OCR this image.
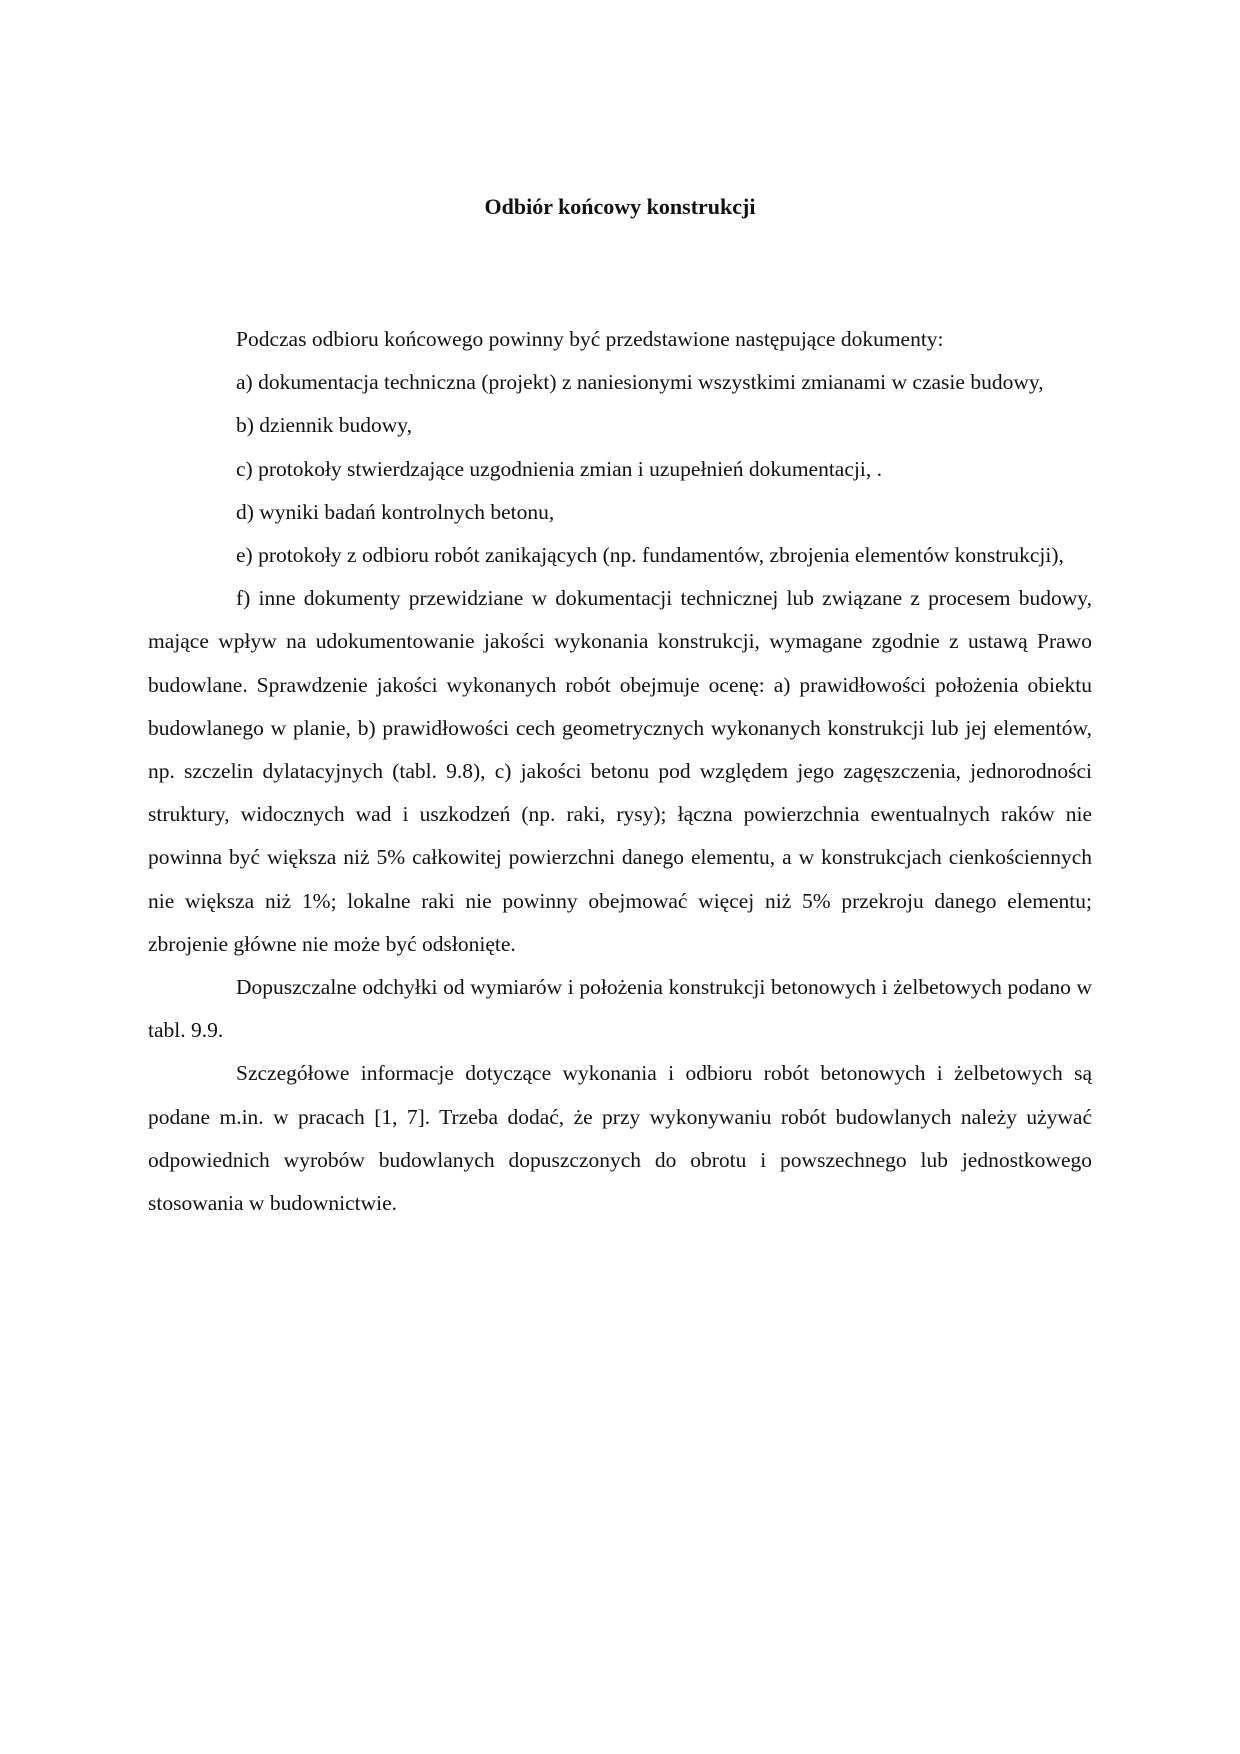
Odbiór końcowy konstrukcji

Podczas odbioru końcowego powinny być przedstawione następujące dokumenty:

a) dokumentacja techniczna (projekt) z naniesionymi wszystkimi zmianami w czasie budowy,

b) dziennik budowy,

c) protokoły stwierdzające uzgodnienia zmian i uzupełnień dokumentacji, .

d) wyniki badań kontrolnych betonu,

e) protokoły z odbioru robót zanikających (np. fundamentów, zbrojenia elementów konstrukcji),

f) inne dokumenty przewidziane w dokumentacji technicznej lub związane z procesem budowy, mające wpływ na udokumentowanie jakości wykonania konstrukcji, wymagane zgodnie z ustawą Prawo budowlane. Sprawdzenie jakości wykonanych robót obejmuje ocenę: a) prawidłowości położenia obiektu budowlanego w planie, b) prawidłowości cech geometrycznych wykonanych konstrukcji lub jej elementów, np. szczelin dylatacyjnych (tabl. 9.8), c) jakości betonu pod względem jego zagęszczenia, jednorodności struktury, widocznych wad i uszkodzeń (np. raki, rysy); łączna powierzchnia ewentualnych raków nie powinna być większa niż 5% całkowitej powierzchni danego elementu, a w konstrukcjach cienkościennych nie większa niż 1%; lokalne raki nie powinny obejmować więcej niż 5% przekroju danego elementu; zbrojenie główne nie może być odsłonięte.

Dopuszczalne odchyłki od wymiarów i położenia konstrukcji betonowych i żelbetowych podano w tabl. 9.9.

Szczegółowe informacje dotyczące wykonania i odbioru robót betonowych i żelbetowych są podane m.in. w pracach [1, 7]. Trzeba dodać, że przy wykonywaniu robót budowlanych należy używać odpowiednich wyrobów budowlanych dopuszczonych do obrotu i powszechnego lub jednostkowego stosowania w budownictwie.
